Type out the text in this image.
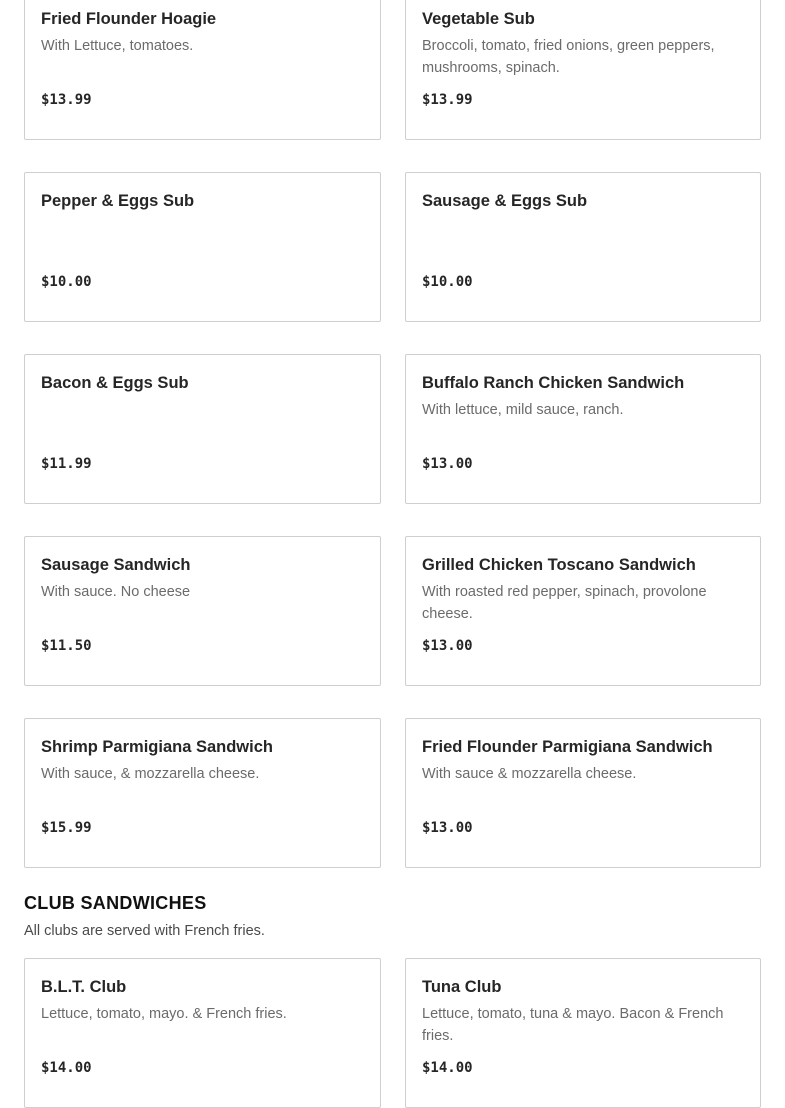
Fried Flounder Hoagie
With Lettuce, tomatoes.
$13.99
Vegetable Sub
Broccoli, tomato, fried onions, green peppers, mushrooms, spinach.
$13.99
Pepper & Eggs Sub
$10.00
Sausage & Eggs Sub
$10.00
Bacon & Eggs Sub
$11.99
Buffalo Ranch Chicken Sandwich
With lettuce, mild sauce, ranch.
$13.00
Sausage Sandwich
With sauce. No cheese
$11.50
Grilled Chicken Toscano Sandwich
With roasted red pepper, spinach, provolone cheese.
$13.00
Shrimp Parmigiana Sandwich
With sauce, & mozzarella cheese.
$15.99
Fried Flounder Parmigiana Sandwich
With sauce & mozzarella cheese.
$13.00
CLUB SANDWICHES
All clubs are served with French fries.
B.L.T. Club
Lettuce, tomato, mayo. & French fries.
$14.00
Tuna Club
Lettuce, tomato, tuna & mayo. Bacon & French fries.
$14.00
